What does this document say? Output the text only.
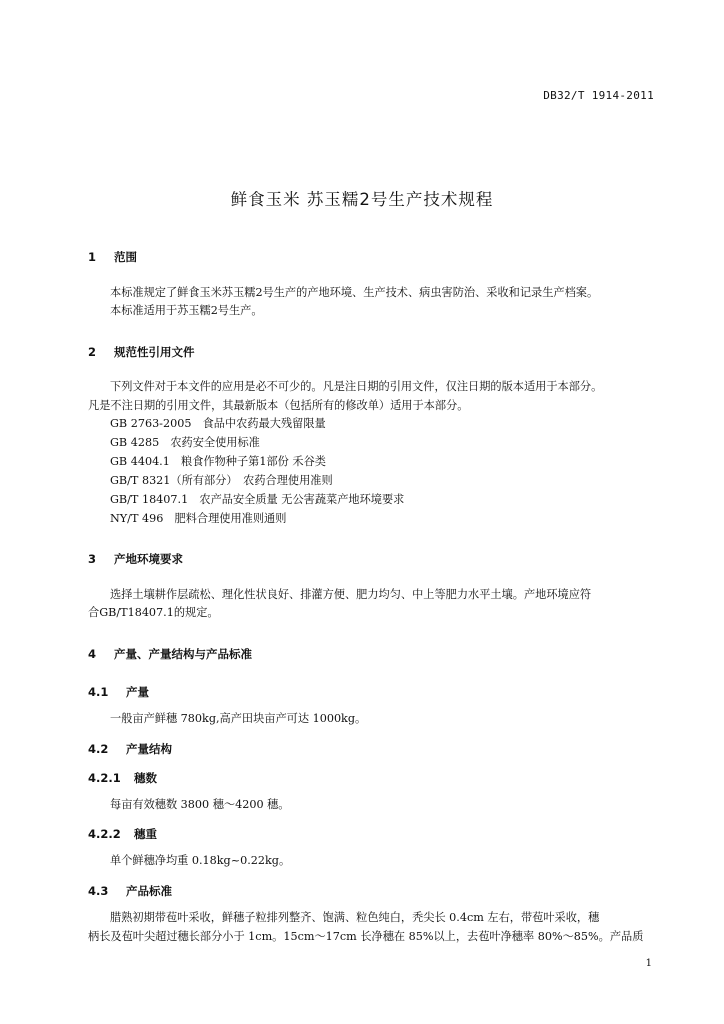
DB32/T 1914-2011
鲜食玉米 苏玉糯2号生产技术规程
1 范围
本标准规定了鲜食玉米苏玉糯2号生产的产地环境、生产技术、病虫害防治、采收和记录生产档案。
本标准适用于苏玉糯2号生产。
2 规范性引用文件
下列文件对于本文件的应用是必不可少的。凡是注日期的引用文件，仅注日期的版本适用于本部分。
凡是不注日期的引用文件，其最新版本（包括所有的修改单）适用于本部分。
GB 2763-2005　食品中农药最大残留限量
GB 4285　农药安全使用标准
GB 4404.1　粮食作物种子第1部份 禾谷类
GB/T 8321（所有部分）　农药合理使用准则
GB/T 18407.1　农产品安全质量 无公害蔬菜产地环境要求
NY/T 496　肥料合理使用准则通则
3 产地环境要求
选择土壤耕作层疏松、理化性状良好、排灌方便、肥力均匀、中上等肥力水平土壤。产地环境应符
合GB/T18407.1的规定。
4 产量、产量结构与产品标准
4.1 产量
一般亩产鲜穗 780kg,高产田块亩产可达 1000kg。
4.2 产量结构
4.2.1 穗数
每亩有效穗数 3800 穗～4200 穗。
4.2.2 穗重
单个鲜穗净均重 0.18kg~0.22kg。
4.3 产品标准
腊熟初期带苞叶采收，鲜穗子粒排列整齐、饱满、粒色纯白，秃尖长 0.4cm 左右，带苞叶采收，穗
柄长及苞叶尖超过穗长部分小于 1cm。15cm～17cm 长净穗在 85%以上，去苞叶净穗率 80%～85%。产品质
1
